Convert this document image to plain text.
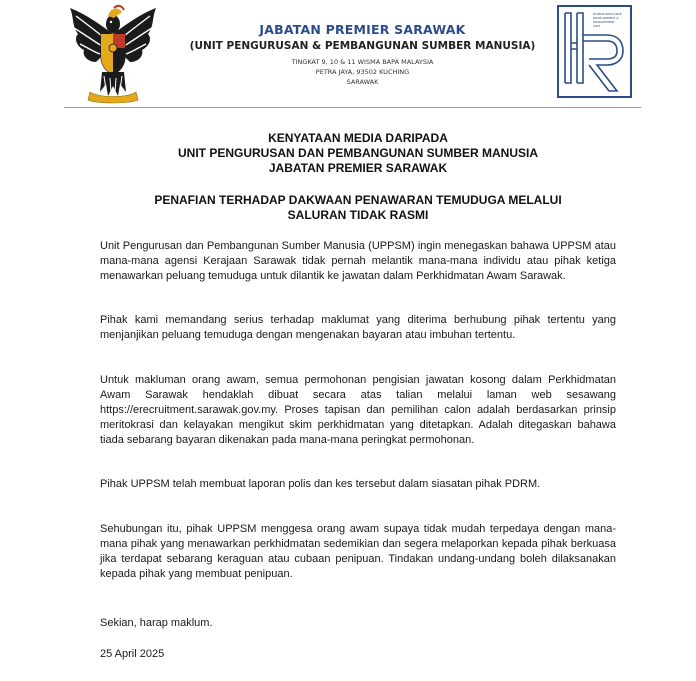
JABATAN PREMIER SARAWAK
(UNIT PENGURUSAN & PEMBANGUNAN SUMBER MANUSIA)
TINGKAT 9, 10 & 11 WISMA BAPA MALAYSIA
PETRA JAYA, 93502 KUCHING
SARAWAK
HUMAN RESOURCE
DEVELOPMENT &
MANAGEMENT
UNIT
KENYATAAN MEDIA DARIPADA
UNIT PENGURUSAN DAN PEMBANGUNAN SUMBER MANUSIA
JABATAN PREMIER SARAWAK
PENAFIAN TERHADAP DAKWAAN PENAWARAN TEMUDUGA MELALUI
SALURAN TIDAK RASMI
Unit Pengurusan dan Pembangunan Sumber Manusia (UPPSM) ingin menegaskan bahawa UPPSM atau mana-mana agensi Kerajaan Sarawak tidak pernah melantik mana-mana individu atau pihak ketiga menawarkan peluang temuduga untuk dilantik ke jawatan dalam Perkhidmatan Awam Sarawak.
Pihak kami memandang serius terhadap maklumat yang diterima berhubung pihak tertentu yang menjanjikan peluang temuduga dengan mengenakan bayaran atau imbuhan tertentu.
Untuk makluman orang awam, semua permohonan pengisian jawatan kosong dalam Perkhidmatan Awam Sarawak hendaklah dibuat secara atas talian melalui laman web sesawang https://erecruitment.sarawak.gov.my. Proses tapisan dan pemilihan calon adalah berdasarkan prinsip meritokrasi dan kelayakan mengikut skim perkhidmatan yang ditetapkan. Adalah ditegaskan bahawa tiada sebarang bayaran dikenakan pada mana-mana peringkat permohonan.
Pihak UPPSM telah membuat laporan polis dan kes tersebut dalam siasatan pihak PDRM.
Sehubungan itu, pihak UPPSM menggesa orang awam supaya tidak mudah terpedaya dengan mana-mana pihak yang menawarkan perkhidmatan sedemikian dan segera melaporkan kepada pihak berkuasa jika terdapat sebarang keraguan atau cubaan penipuan. Tindakan undang-undang boleh dilaksanakan kepada pihak yang membuat penipuan.
Sekian, harap maklum.
25 April 2025
